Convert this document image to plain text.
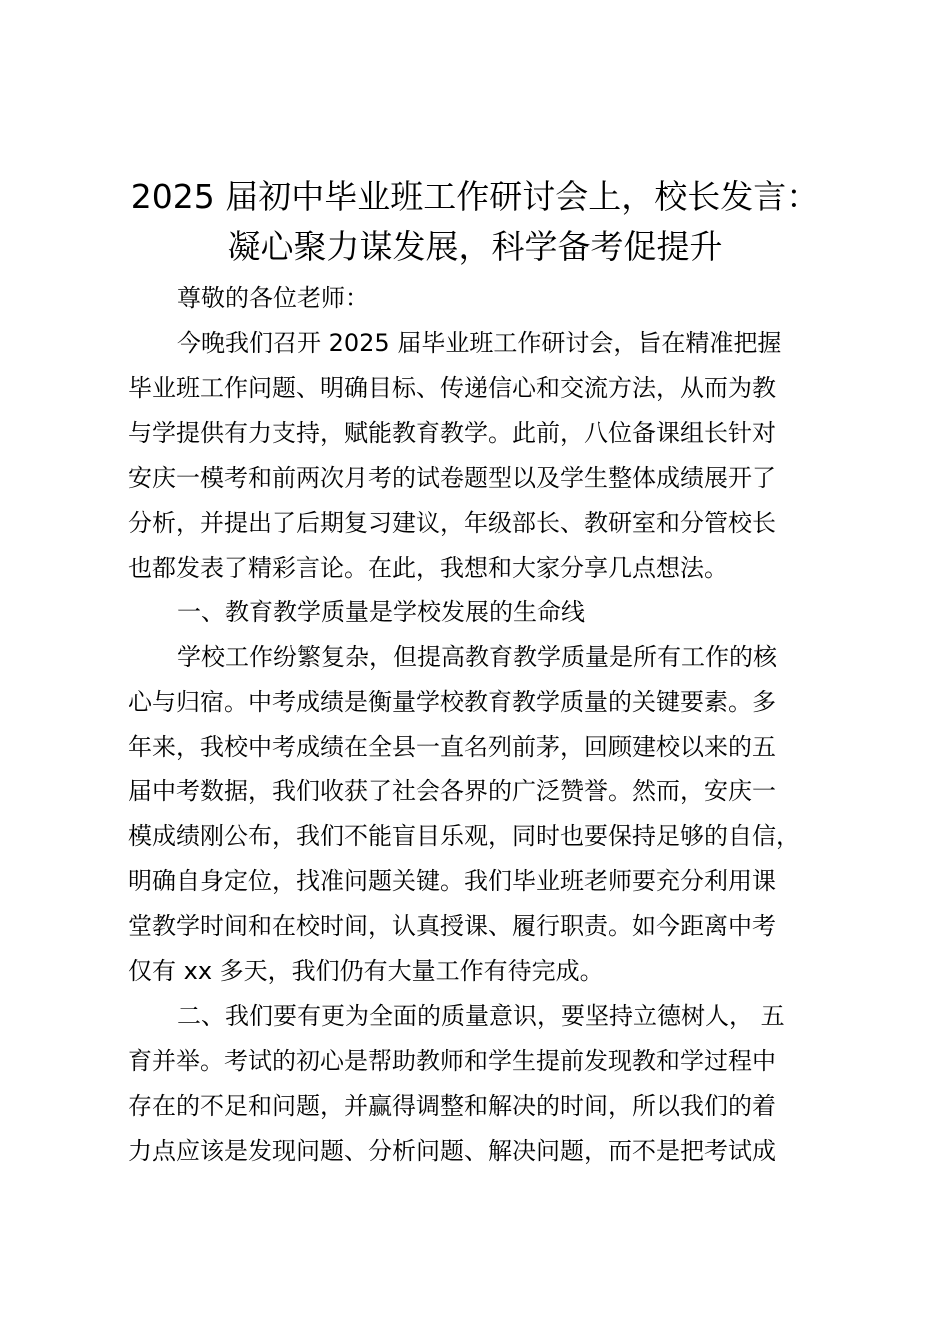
2025 届初中毕业班工作研讨会上，校长发言：
凝心聚力谋发展，科学备考促提升
尊敬的各位老师：
今晚我们召开 2025 届毕业班工作研讨会，旨在精准把握
毕业班工作问题、明确目标、传递信心和交流方法，从而为教
与学提供有力支持，赋能教育教学。此前，八位备课组长针对
安庆一模考和前两次月考的试卷题型以及学生整体成绩展开了
分析，并提出了后期复习建议，年级部长、教研室和分管校长
也都发表了精彩言论。在此，我想和大家分享几点想法。
一、教育教学质量是学校发展的生命线
学校工作纷繁复杂，但提高教育教学质量是所有工作的核
心与归宿。中考成绩是衡量学校教育教学质量的关键要素。多
年来，我校中考成绩在全县一直名列前茅，回顾建校以来的五
届中考数据，我们收获了社会各界的广泛赞誉。然而，安庆一
模成绩刚公布，我们不能盲目乐观，同时也要保持足够的自信，
明确自身定位，找准问题关键。我们毕业班老师要充分利用课
堂教学时间和在校时间，认真授课、履行职责。如今距离中考
仅有 xx 多天，我们仍有大量工作有待完成。
二、我们要有更为全面的质量意识，要坚持立德树人， 五
育并举。考试的初心是帮助教师和学生提前发现教和学过程中
存在的不足和问题，并赢得调整和解决的时间，所以我们的着
力点应该是发现问题、分析问题、解决问题，而不是把考试成
